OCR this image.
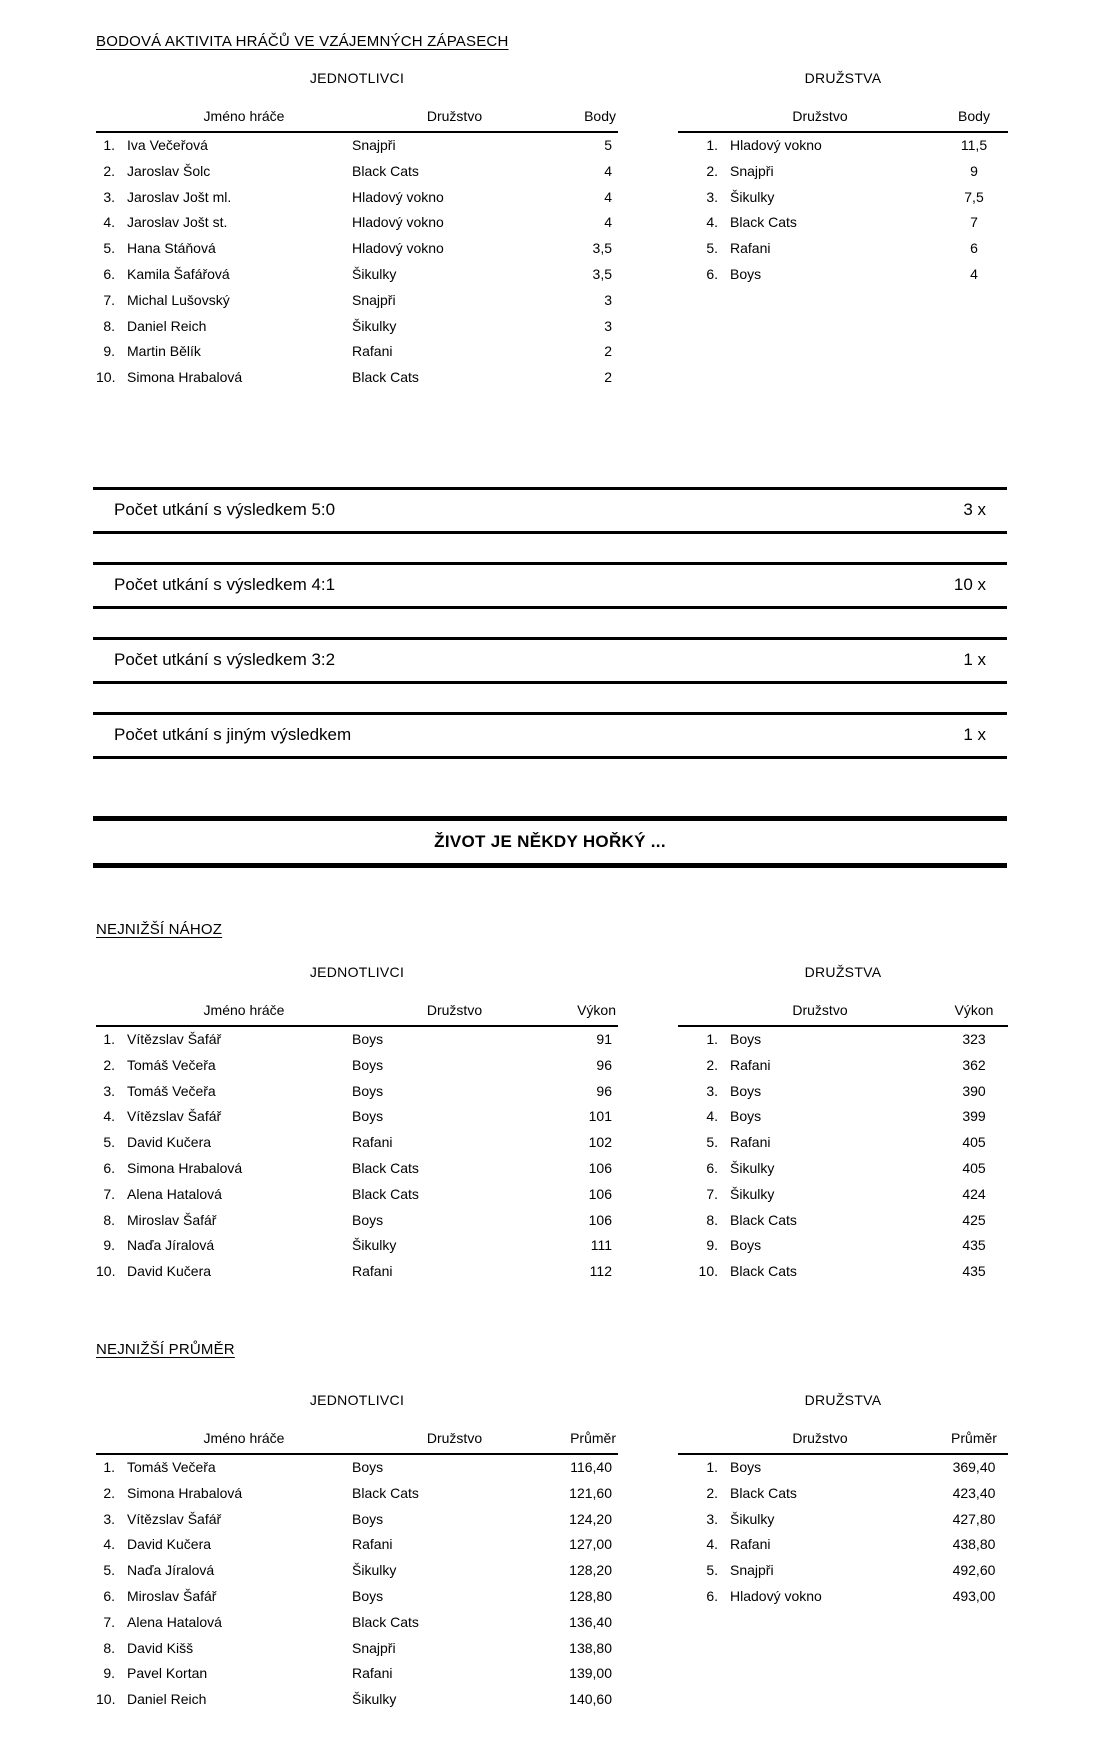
BODOVÁ AKTIVITA HRÁČŮ VE VZÁJEMNÝCH ZÁPASECH
JEDNOTLIVCI
Jméno hráče	Družstvo	Body
1. Iva Večeřová	Snajpři	5
2. Jaroslav Šolc	Black Cats	4
3. Jaroslav Jošt ml.	Hladový vokno	4
4. Jaroslav Jošt st.	Hladový vokno	4
5. Hana Stáňová	Hladový vokno	3,5
6. Kamila Šafářová	Šikulky	3,5
7. Michal Lušovský	Snajpři	3
8. Daniel Reich	Šikulky	3
9. Martin Bělík	Rafani	2
10. Simona Hrabalová	Black Cats	2
DRUŽSTVA
Družstvo	Body
1. Hladový vokno	11,5
2. Snajpři	9
3. Šikulky	7,5
4. Black Cats	7
5. Rafani	6
6. Boys	4
Počet utkání s výsledkem 5:0	3 x
Počet utkání s výsledkem 4:1	10 x
Počet utkání s výsledkem 3:2	1 x
Počet utkání s jiným výsledkem	1 x
ŽIVOT JE NĚKDY HOŘKÝ ...
NEJNIŽŠÍ NÁHOZ
JEDNOTLIVCI
Jméno hráče	Družstvo	Výkon
1. Vítězslav Šafář	Boys	91
2. Tomáš Večeřa	Boys	96
3. Tomáš Večeřa	Boys	96
4. Vítězslav Šafář	Boys	101
5. David Kučera	Rafani	102
6. Simona Hrabalová	Black Cats	106
7. Alena Hatalová	Black Cats	106
8. Miroslav Šafář	Boys	106
9. Naďa Jíralová	Šikulky	111
10. David Kučera	Rafani	112
DRUŽSTVA
Družstvo	Výkon
1. Boys	323
2. Rafani	362
3. Boys	390
4. Boys	399
5. Rafani	405
6. Šikulky	405
7. Šikulky	424
8. Black Cats	425
9. Boys	435
10. Black Cats	435
NEJNIŽŠÍ PRŮMĚR
JEDNOTLIVCI
Jméno hráče	Družstvo	Průměr
1. Tomáš Večeřa	Boys	116,40
2. Simona Hrabalová	Black Cats	121,60
3. Vítězslav Šafář	Boys	124,20
4. David Kučera	Rafani	127,00
5. Naďa Jíralová	Šikulky	128,20
6. Miroslav Šafář	Boys	128,80
7. Alena Hatalová	Black Cats	136,40
8. David Kišš	Snajpři	138,80
9. Pavel Kortan	Rafani	139,00
10. Daniel Reich	Šikulky	140,60
DRUŽSTVA
Družstvo	Průměr
1. Boys	369,40
2. Black Cats	423,40
3. Šikulky	427,80
4. Rafani	438,80
5. Snajpři	492,60
6. Hladový vokno	493,00
